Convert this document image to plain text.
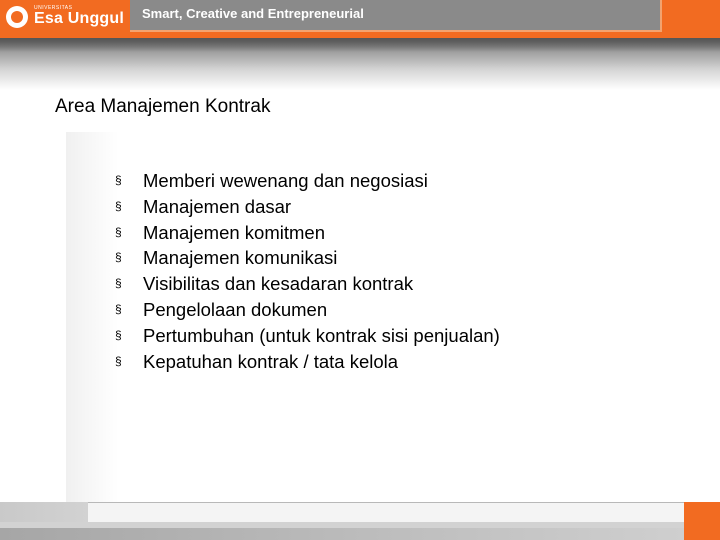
UNIVERSITAS
Esa Unggul Smart, Creative and Entrepreneurial
Area Manajemen Kontrak
§	Memberi wewenang dan negosiasi
§	Manajemen dasar
§	Manajemen komitmen
§	Manajemen komunikasi
§	Visibilitas dan kesadaran kontrak
§	Pengelolaan dokumen
§	Pertumbuhan (untuk kontrak sisi penjualan)
§	Kepatuhan kontrak / tata kelola
